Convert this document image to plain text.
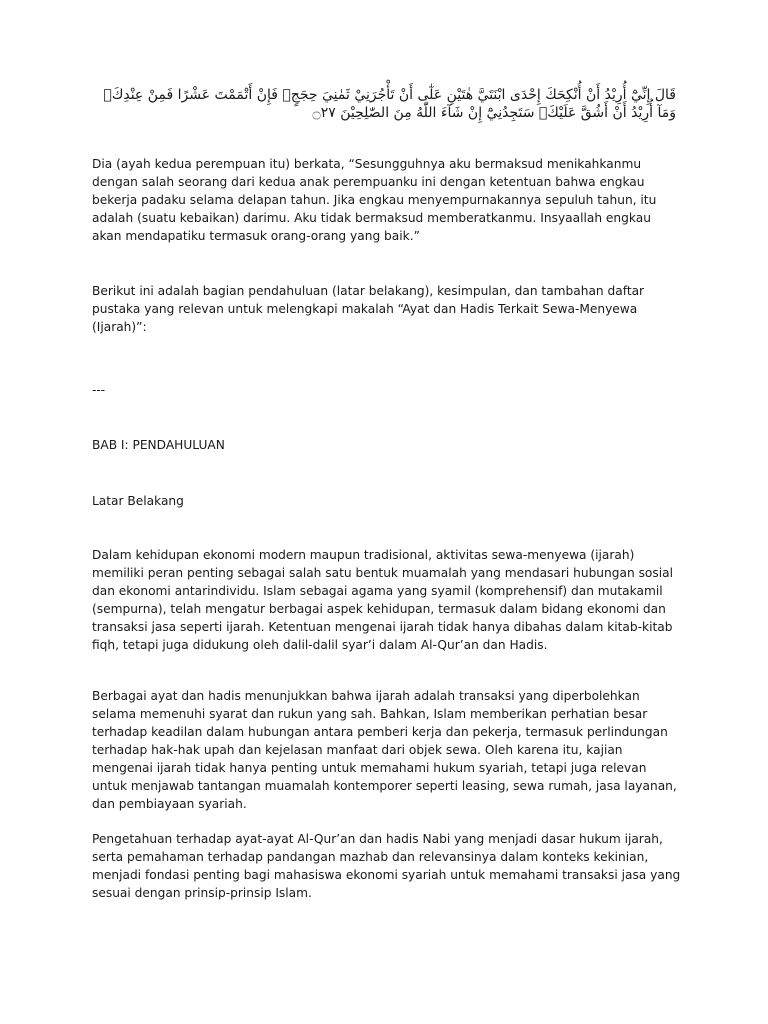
قَالَ إِنِّيْٓ أُرِيْدُ أَنْ أُنْكِحَكَ إِحْدَى ابْنَتَيَّ هٰتَيْنِ عَلٰٓى أَنْ تَأْجُرَنِيْ ثَمٰنِيَ حِجَجٍۚ فَإِنْ أَتْمَمْتَ عَشْرًا فَمِنْ عِنْدِكَۚ وَمَآ أُرِيْدُ أَنْ أَشُقَّ عَلَيْكَۗ سَتَجِدُنِيْٓ إِنْ شَآءَ اللّٰهُ مِنَ الصّٰلِحِيْنَ ۝٢٧

Dia (ayah kedua perempuan itu) berkata, “Sesungguhnya aku bermaksud menikahkanmu dengan salah seorang dari kedua anak perempuanku ini dengan ketentuan bahwa engkau bekerja padaku selama delapan tahun. Jika engkau menyempurnakannya sepuluh tahun, itu adalah (suatu kebaikan) darimu. Aku tidak bermaksud memberatkanmu. Insyaallah engkau akan mendapatiku termasuk orang-orang yang baik.”

Berikut ini adalah bagian pendahuluan (latar belakang), kesimpulan, dan tambahan daftar pustaka yang relevan untuk melengkapi makalah “Ayat dan Hadis Terkait Sewa-Menyewa (Ijarah)”:

---

BAB I: PENDAHULUAN

Latar Belakang

Dalam kehidupan ekonomi modern maupun tradisional, aktivitas sewa-menyewa (ijarah) memiliki peran penting sebagai salah satu bentuk muamalah yang mendasari hubungan sosial dan ekonomi antarindividu. Islam sebagai agama yang syamil (komprehensif) dan mutakamil (sempurna), telah mengatur berbagai aspek kehidupan, termasuk dalam bidang ekonomi dan transaksi jasa seperti ijarah. Ketentuan mengenai ijarah tidak hanya dibahas dalam kitab-kitab fiqh, tetapi juga didukung oleh dalil-dalil syar’i dalam Al-Qur’an dan Hadis.

Berbagai ayat dan hadis menunjukkan bahwa ijarah adalah transaksi yang diperbolehkan selama memenuhi syarat dan rukun yang sah. Bahkan, Islam memberikan perhatian besar terhadap keadilan dalam hubungan antara pemberi kerja dan pekerja, termasuk perlindungan terhadap hak-hak upah dan kejelasan manfaat dari objek sewa. Oleh karena itu, kajian mengenai ijarah tidak hanya penting untuk memahami hukum syariah, tetapi juga relevan untuk menjawab tantangan muamalah kontemporer seperti leasing, sewa rumah, jasa layanan, dan pembiayaan syariah.

Pengetahuan terhadap ayat-ayat Al-Qur’an dan hadis Nabi yang menjadi dasar hukum ijarah, serta pemahaman terhadap pandangan mazhab dan relevansinya dalam konteks kekinian, menjadi fondasi penting bagi mahasiswa ekonomi syariah untuk memahami transaksi jasa yang sesuai dengan prinsip-prinsip Islam.
